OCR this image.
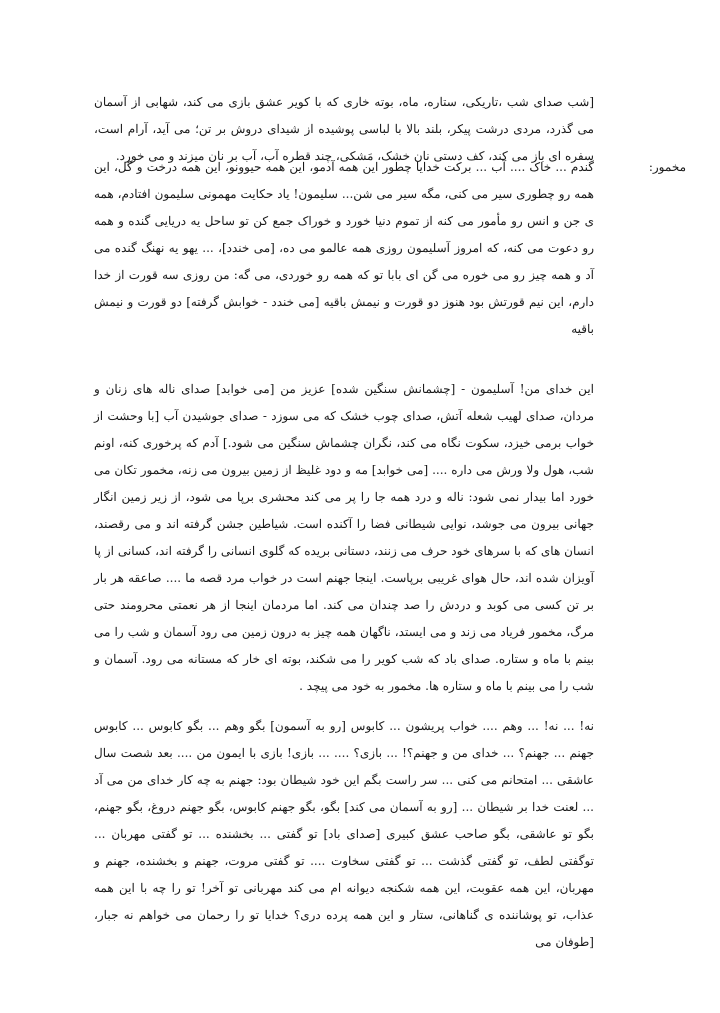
[شب صدای شب ،تاریکی، ستاره، ماه، بوته خاری که با کویر عشق بازی می کند، شهابی از آسمان می گذرد، مردی درشت پیکر، بلند بالا با لباسی پوشیده از شیدای دروش بر تن؛ می آید، آرام است، سفره ای باز می کند، کف دستی نان خشک، مَشکی، چند قطره آب، آب بر نان میزند و می خورد.

مخمور:

گندم ... خاک .... آب ... برکت خدایا چطور این همه آدمو، این همه حیوونو، این همه درخت و گل، این همه رو چطوری سیر می کنی، مگه سیر می شن... سلیمون! یاد حکایت مهمونی سلیمون افتادم، همه ی جن و انس رو مأمور می کنه از تموم دنیا خورد و خوراک جمع کن تو ساحل یه دریایی گنده و همه رو دعوت می کنه، که امروز آسلیمون روزی همه عالمو می ده، [می خندد]، ... یهو یه نهنگ گنده می آد و همه چیز رو می خوره می گن ای بابا تو که همه رو خوردی، می گه: من روزی سه قورت از خدا دارم، این نیم قورتش بود هنوز دو قورت و نیمش باقیه [می خندد - خوابش گرفته] دو قورت و نیمش باقیه

این خدای من! آسلیمون - [چشمانش سنگین شده] عزیز من [می خوابد] صدای ناله های زنان و مردان، صدای لهیب شعله آتش، صدای چوب خشک که می سوزد - صدای جوشیدن آب [با وحشت از خواب برمی خیزد، سکوت نگاه می کند، نگران چشماش سنگین می شود.] آدم که پرخوری کنه، اونم شب، هول ولا ورش می داره .... [می خوابد] مه و دود غلیظ از زمین بیرون می زنه، مخمور تکان می خورد اما بیدار نمی شود: ناله و درد همه جا را پر می کند محشری برپا می شود، از زیر زمین انگار جهانی بیرون می جوشد، نوایی شیطانی فضا را آکنده است. شیاطین جشن گرفته اند و می رقصند، انسان های که با سرهای خود حرف می زنند، دستانی بریده که گلوی انسانی را گرفته اند، کسانی از پا آویزان شده اند، حال هوای غریبی برپاست. اینجا جهنم است در خواب مرد قصه ما .... صاعقه هر بار بر تن کسی می کوبد و دردش را صد چندان می کند. اما مردمان اینجا از هر نعمتی محرومند حتی مرگ، مخمور فریاد می زند و می ایستد، ناگهان همه چیز به درون زمین می رود آسمان و شب را می بینم با ماه و ستاره. صدای باد که شب کویر را می شکند، بوته ای خار که مستانه می رود. آسمان و شب را می بینم با ماه و ستاره ها. مخمور به خود می پیچد .

نه! ... نه! ... وهم .... خواب پریشون ... کابوس [رو به آسمون] بگو وهم ... بگو کابوس ... کابوس جهنم ... جهنم؟ ... خدای من و جهنم؟! ... بازی؟ .... ... بازی! بازی با ایمون من .... بعد شصت سال عاشقی ... امتحانم می کنی ... سر راست بگم این خود شیطان بود: جهنم به چه کار خدای من می آد ... لعنت خدا بر شیطان ... [رو به آسمان می کند] بگو، بگو جهنم کابوس، بگو جهنم دروغ، بگو جهنم، بگو تو عاشقی، بگو صاحب عشق کبیری [صدای باد] تو گفتی ... بخشنده ... تو گفتی مهربان ... توگفتی لطف، تو گفتی گذشت ... تو گفتی سخاوت .... تو گفتی مروت، جهنم و بخشنده، جهنم و مهربان، این همه عقوبت، این همه شکنجه دیوانه ام می کند مهربانی تو آخر! تو را چه با این همه عذاب، تو پوشاننده ی گناهانی، ستار و این همه پرده دری؟ خدایا تو را رحمان می خواهم نه جبار، [طوفان می
